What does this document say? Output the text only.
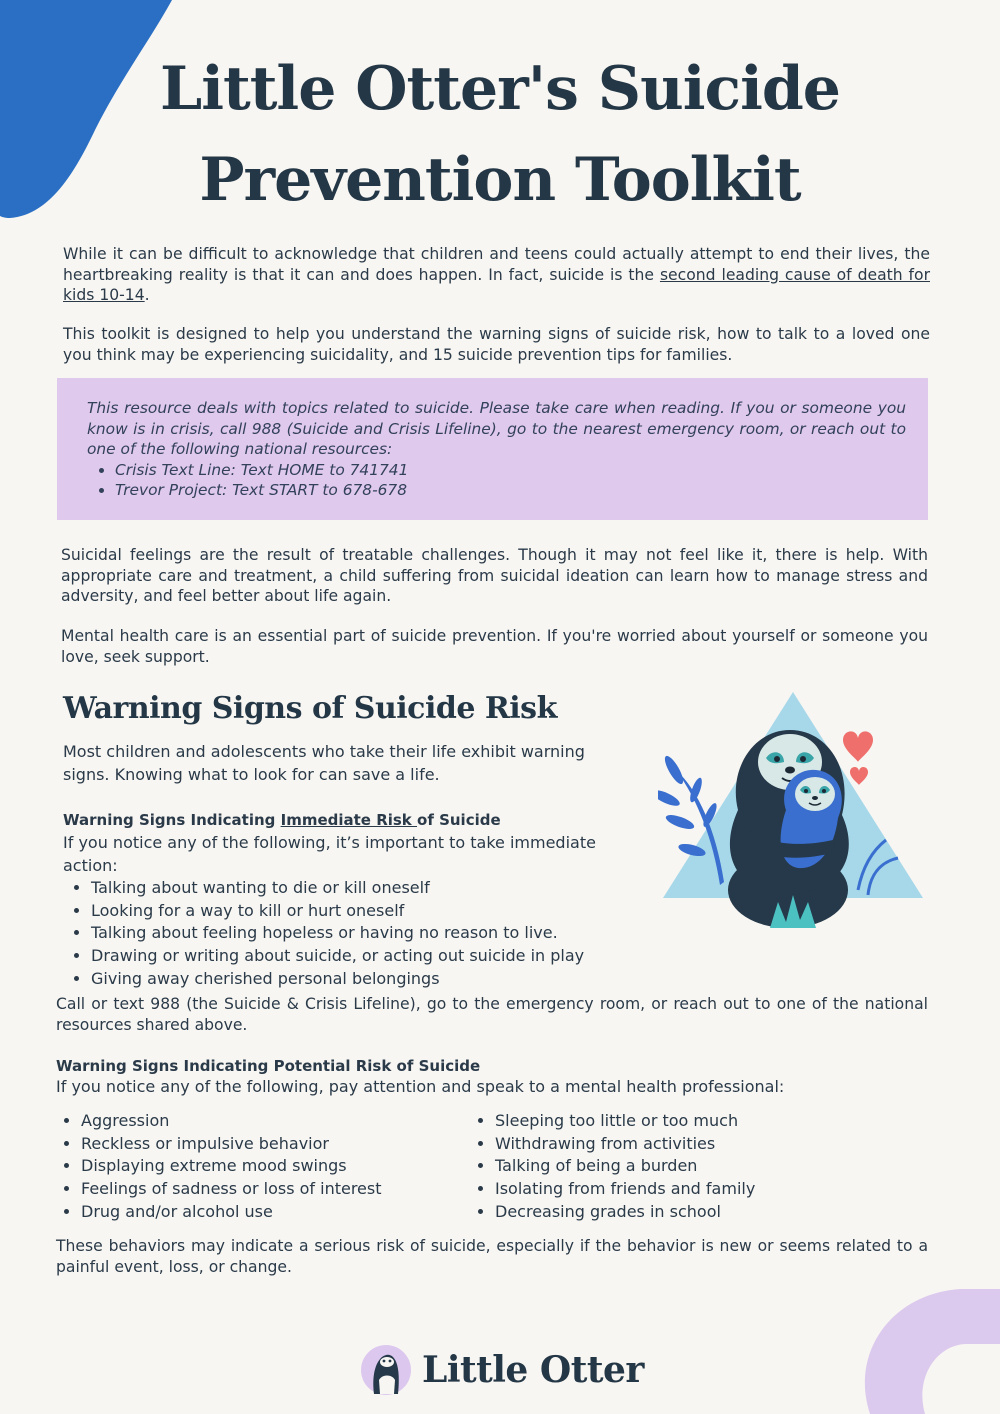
Little Otter's Suicide Prevention Toolkit

While it can be difficult to acknowledge that children and teens could actually attempt to end their lives, the heartbreaking reality is that it can and does happen. In fact, suicide is the second leading cause of death for kids 10-14.

This toolkit is designed to help you understand the warning signs of suicide risk, how to talk to a loved one you think may be experiencing suicidality, and 15 suicide prevention tips for families.

This resource deals with topics related to suicide. Please take care when reading. If you or someone you know is in crisis, call 988 (Suicide and Crisis Lifeline), go to the nearest emergency room, or reach out to one of the following national resources:

• Crisis Text Line: Text HOME to 741741
• Trevor Project: Text START to 678-678

Suicidal feelings are the result of treatable challenges. Though it may not feel like it, there is help. With appropriate care and treatment, a child suffering from suicidal ideation can learn how to manage stress and adversity, and feel better about life again.

Mental health care is an essential part of suicide prevention. If you're worried about yourself or someone you love, seek support.

Warning Signs of Suicide Risk

Most children and adolescents who take their life exhibit warning signs. Knowing what to look for can save a life.

Warning Signs Indicating Immediate Risk of Suicide

If you notice any of the following, it’s important to take immediate action:

• Talking about wanting to die or kill oneself
• Looking for a way to kill or hurt oneself
• Talking about feeling hopeless or having no reason to live.
• Drawing or writing about suicide, or acting out suicide in play
• Giving away cherished personal belongings

Call or text 988 (the Suicide & Crisis Lifeline), go to the emergency room, or reach out to one of the national resources shared above.

Warning Signs Indicating Potential Risk of Suicide

If you notice any of the following, pay attention and speak to a mental health professional:

• Aggression
• Reckless or impulsive behavior
• Displaying extreme mood swings
• Feelings of sadness or loss of interest
• Drug and/or alcohol use
• Sleeping too little or too much
• Withdrawing from activities
• Talking of being a burden
• Isolating from friends and family
• Decreasing grades in school

These behaviors may indicate a serious risk of suicide, especially if the behavior is new or seems related to a painful event, loss, or change.

Little Otter
